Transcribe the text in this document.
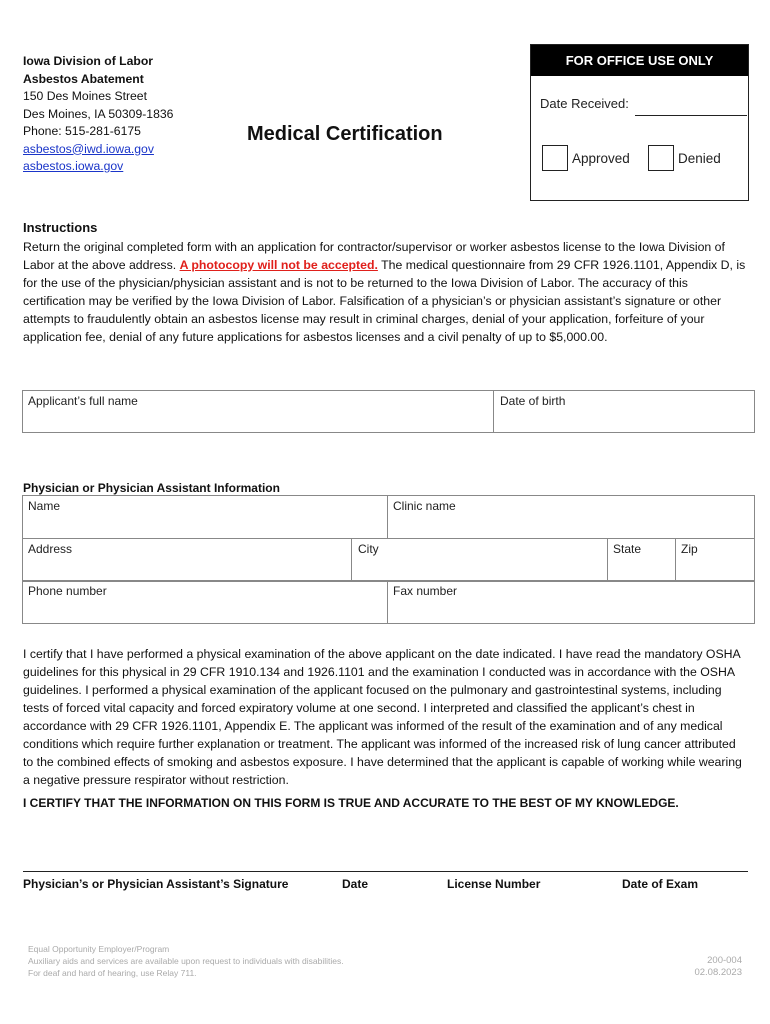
Iowa Division of Labor
Asbestos Abatement
150 Des Moines Street
Des Moines, IA 50309-1836
Phone: 515-281-6175
asbestos@iwd.iowa.gov
asbestos.iowa.gov
Medical Certification
FOR OFFICE USE ONLY
Date Received:
Approved	Denied
Instructions
Return the original completed form with an application for contractor/supervisor or worker asbestos license to the Iowa Division of Labor at the above address. A photocopy will not be accepted. The medical questionnaire from 29 CFR 1926.1101, Appendix D, is for the use of the physician/physician assistant and is not to be returned to the Iowa Division of Labor. The accuracy of this certification may be verified by the Iowa Division of Labor. Falsification of a physician’s or physician assistant’s signature or other attempts to fraudulently obtain an asbestos license may result in criminal charges, denial of your application, forfeiture of your application fee, denial of any future applications for asbestos licenses and a civil penalty of up to $5,000.00.
Applicant’s full name	Date of birth
Physician or Physician Assistant Information
Name	Clinic name
Address	City	State	Zip
Phone number	Fax number
I certify that I have performed a physical examination of the above applicant on the date indicated. I have read the mandatory OSHA guidelines for this physical in 29 CFR 1910.134 and 1926.1101 and the examination I conducted was in accordance with the OSHA guidelines. I performed a physical examination of the applicant focused on the pulmonary and gastrointestinal systems, including tests of forced vital capacity and forced expiratory volume at one second. I interpreted and classified the applicant’s chest in accordance with 29 CFR 1926.1101, Appendix E. The applicant was informed of the result of the examination and of any medical conditions which require further explanation or treatment. The applicant was informed of the increased risk of lung cancer attributed to the combined effects of smoking and asbestos exposure. I have determined that the applicant is capable of working while wearing a negative pressure respirator without restriction.
I CERTIFY THAT THE INFORMATION ON THIS FORM IS TRUE AND ACCURATE TO THE BEST OF MY KNOWLEDGE.
Physician’s or Physician Assistant’s Signature	Date	License Number	Date of Exam
Equal Opportunity Employer/Program
Auxiliary aids and services are available upon request to individuals with disabilities.
For deaf and hard of hearing, use Relay 711.
200-004
02.08.2023
